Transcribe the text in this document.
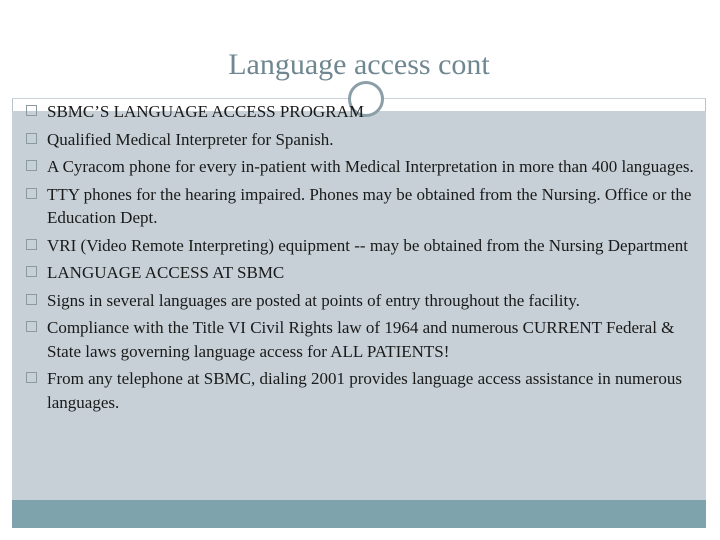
Language access cont
SBMC’S LANGUAGE ACCESS PROGRAM
Qualified Medical Interpreter for Spanish.
A Cyracom phone for every in-patient with Medical Interpretation in more than 400 languages.
TTY phones for the hearing impaired. Phones may be obtained from the Nursing. Office or the Education Dept.
VRI (Video Remote Interpreting) equipment -- may be obtained from the Nursing Department
LANGUAGE ACCESS AT SBMC
Signs in several languages are posted at points of entry throughout the facility.
Compliance with the Title VI Civil Rights law of 1964 and numerous CURRENT Federal & State laws governing language access for ALL PATIENTS!
From any telephone at SBMC, dialing 2001 provides language access assistance in numerous languages.
